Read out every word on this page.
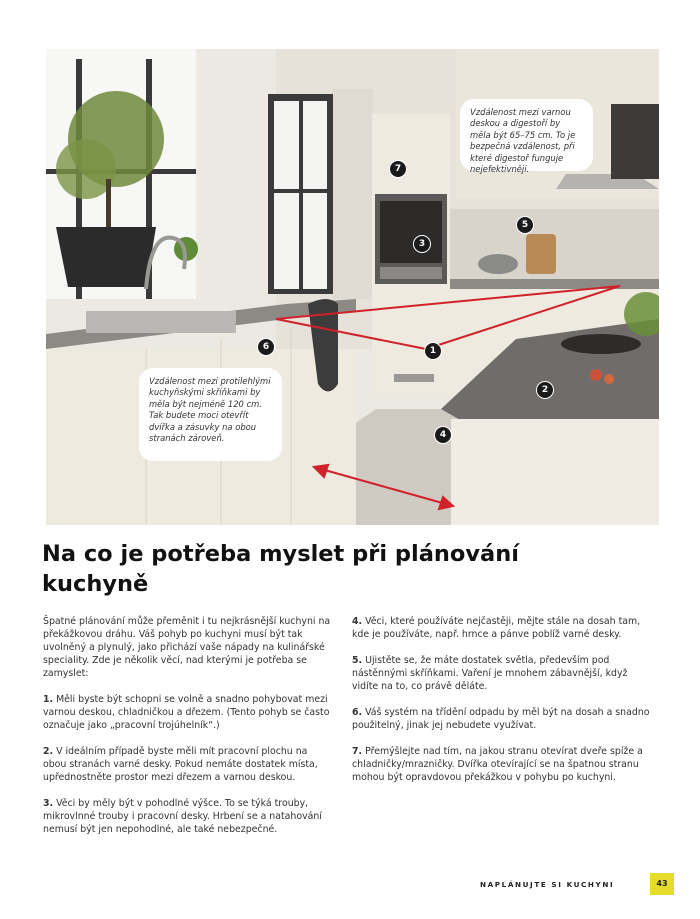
Vzdálenost mezi varnou deskou a digestoří by měla být 65–75 cm. To je bezpečná vzdálenost, při které digestoř funguje nejefektivněji.

Vzdálenost mezi protilehlými kuchyňskými skříňkami by měla být nejméně 120 cm. Tak budete moci otevřít dvířka a zásuvky na obou stranách zároveň.

1
2
3
4
5
6
7
Na co je potřeba myslet při plánování kuchyně

Špatné plánování může přeměnit i tu nejkrásnější kuchyni na překážkovou dráhu. Váš pohyb po kuchyni musí být tak uvolněný a plynulý, jako přichází vaše nápady na kulinářské speciality. Zde je několik věcí, nad kterými je potřeba se zamyslet:

1. Měli byste být schopni se volně a snadno pohybovat mezi varnou deskou, chladničkou a dřezem. (Tento pohyb se často označuje jako „pracovní trojúhelník“.)

2. V ideálním případě byste měli mít pracovní plochu na obou stranách varné desky. Pokud nemáte dostatek místa, upřednostněte prostor mezi dřezem a varnou deskou.

3. Věci by měly být v pohodlné výšce. To se týká trouby, mikrovlnné trouby i pracovní desky. Hrbení se a natahování nemusí být jen nepohodlné, ale také nebezpečné.

4. Věci, které používáte nejčastěji, mějte stále na dosah tam, kde je používáte, např. hrnce a pánve poblíž varné desky.

5. Ujistěte se, že máte dostatek světla, především pod nástěnnými skříňkami. Vaření je mnohem zábavnější, když vidíte na to, co právě děláte.

6. Váš systém na třídění odpadu by měl být na dosah a snadno použitelný, jinak jej nebudete využívat.

7. Přemýšlejte nad tím, na jakou stranu otevírat dveře spíže a chladničky/mrazničky. Dvířka otevírající se na špatnou stranu mohou být opravdovou překážkou v pohybu po kuchyni.

NAPLÁNUJTE SI KUCHYNI	43
